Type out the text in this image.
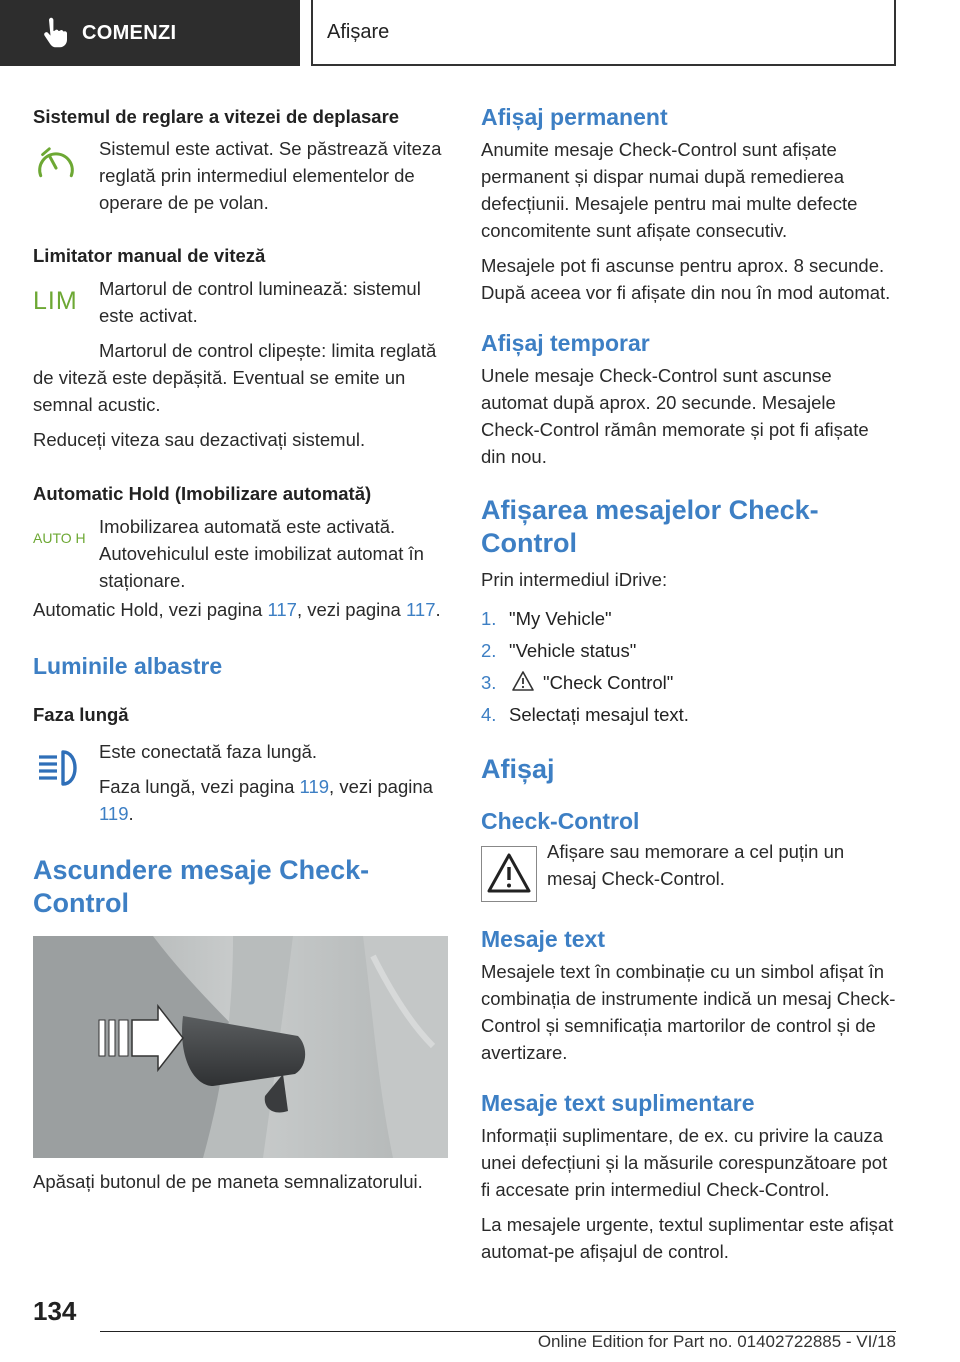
COMENZI	Afișare
Sistemul de reglare a vitezei de deplasare

Sistemul este activat. Se păstrează viteza reglată prin intermediul elementelor de operare de pe volan.

Limitator manual de viteză
LIM Martorul de control luminează: sistemul este activat.

Martorul de control clipește: limita reglată de viteză este depășită. Eventual se emite un semnal acustic.

Reduceți viteza sau dezactivați sistemul.

Automatic Hold (Imobilizare automată)
AUTO H

Imobilizarea automată este activată. Autovehiculul este imobilizat automat în staționare.

Automatic Hold, vezi pagina 117, vezi pagina 117.

Luminile albastre
Faza lungă

Este conectată faza lungă.

Faza lungă, vezi pagina 119, vezi pagina 119.

Ascundere mesaje Check-Control

Apăsați butonul de pe maneta semnalizatorului.

Afișaj permanent

Anumite mesaje Check-Control sunt afișate permanent și dispar numai după remedierea defecțiunii. Mesajele pentru mai multe defecte concomitente sunt afișate consecutiv.

Mesajele pot fi ascunse pentru aprox. 8 secunde. După aceea vor fi afișate din nou în mod automat.

Afișaj temporar

Unele mesaje Check-Control sunt ascunse automat după aprox. 20 secunde. Mesajele Check-Control rămân memorate și pot fi afișate din nou.

Afișarea mesajelor Check-Control

Prin intermediul iDrive:

1. "My Vehicle"
2. "Vehicle status"
3.	"Check Control"
4. Selectați mesajul text.
Afișaj
Check-Control

Afișare sau memorare a cel puțin un mesaj Check-Control.

Mesaje text

Mesajele text în combinație cu un simbol afișat în combinația de instrumente indică un mesaj Check-Control și semnificația martorilor de control și de avertizare.

Mesaje text suplimentare

Informații suplimentare, de ex. cu privire la cauza unei defecțiuni și la măsurile corespunzătoare pot fi accesate prin intermediul Check-Control.

La mesajele urgente, textul suplimentar este afișat automat-pe afișajul de control.

134
Online Edition for Part no. 01402722885 - VI/18
